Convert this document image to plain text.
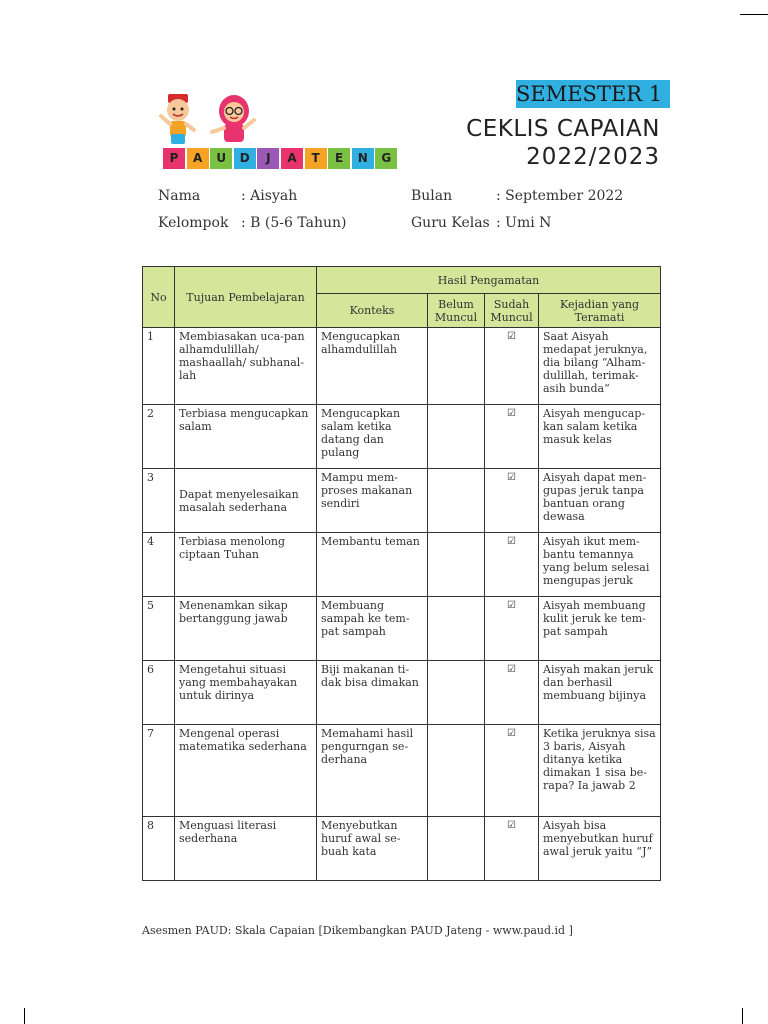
P	A	U	D	J	A	T	E	N	G
SEMESTER 1
CEKLIS CAPAIAN
2022/2023
Nama	: Aisyah
Kelompok : B (5-6 Tahun)
Bulan	: September 2022
Guru Kelas : Umi N
No	Tujuan Pembelajaran	Hasil Pengamatan			
		Konteks	Belum Muncul	Sudah Muncul	Kejadian yang Teramati
1	Membiasakan uca-pan alhamdulillah/ mashaallah/ subhanal-lah	Mengucapkan alhamdulillah		☑	Saat Aisyah medapat jeruknya, dia bilang “Alham-dulillah, terimak-asih bunda“
2	Terbiasa mengucapkan salam	Mengucapkan salam ketika datang dan pulang		☑	Aisyah mengucap-kan salam ketika masuk kelas
3	Dapat menyelesaikan masalah sederhana	Mampu mem-proses makanan sendiri		☑	Aisyah dapat men-gupas jeruk tanpa bantuan orang dewasa
4	Terbiasa menolong ciptaan Tuhan	Membantu teman		☑	Aisyah ikut mem-bantu temannya yang belum selesai mengupas jeruk
5	Menenamkan sikap bertanggung jawab	Membuang sampah ke tem-pat sampah		☑	Aisyah membuang kulit jeruk ke tem-pat sampah
6	Mengetahui situasi yang membahayakan untuk dirinya	Biji makanan ti-dak bisa dimakan		☑	Aisyah makan jeruk dan berhasil membuang bijinya
7	Mengenal operasi matematika sederhana	Memahami hasil pengurngan se-derhana		☑	Ketika jeruknya sisa 3 baris, Aisyah ditanya ketika dimakan 1 sisa be- rapa? Ia jawab 2
8	Menguasi literasi sederhana	Menyebutkan huruf awal se-buah kata		☑	Aisyah bisa menyebutkan huruf awal jeruk yaitu “J”
Asesmen PAUD: Skala Capaian [Dikembangkan PAUD Jateng - www.paud.id ]
